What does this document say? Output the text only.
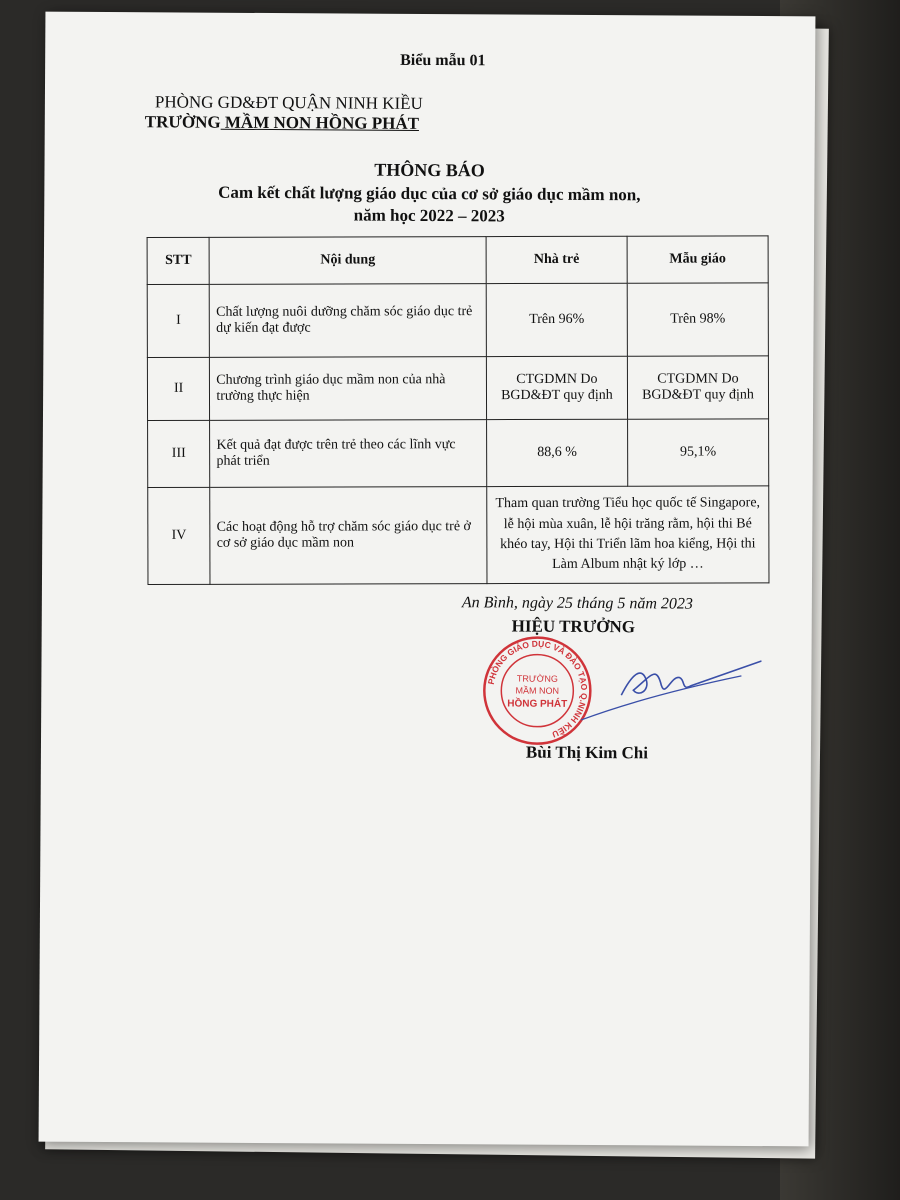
Biểu mẫu 01
PHÒNG GD&ĐT QUẬN NINH KIỀU
TRƯỜNG MẦM NON HỒNG PHÁT
THÔNG BÁO
Cam kết chất lượng giáo dục của cơ sở giáo dục mầm non,
năm học 2022 – 2023
STT	Nội dung	Nhà trẻ	Mẫu giáo
I	Chất lượng nuôi dưỡng chăm sóc giáo dục trẻ dự kiến đạt được	Trên 96%	Trên 98%
II	Chương trình giáo dục mầm non của nhà trường thực hiện	CTGDMN Do BGD&ĐT quy định	CTGDMN Do BGD&ĐT quy định
III	Kết quả đạt được trên trẻ theo các lĩnh vực phát triển	88,6 %	95,1%
IV	Các hoạt động hỗ trợ chăm sóc giáo dục trẻ ở cơ sở giáo dục mầm non	Tham quan trường Tiểu học quốc tế Singapore, lễ hội mùa xuân, lễ hội trăng rằm, hội thi Bé khéo tay, Hội thi Triển lãm hoa kiểng, Hội thi Làm Album nhật ký lớp …	
An Bình, ngày 25 tháng 5 năm 2023
HIỆU TRƯỞNG
PHÒNG GIÁO DỤC VÀ ĐÀO TẠO Q.NINH KIỀU
TRƯỜNG
MẦM NON
HỒNG PHÁT
Bùi Thị Kim Chi
